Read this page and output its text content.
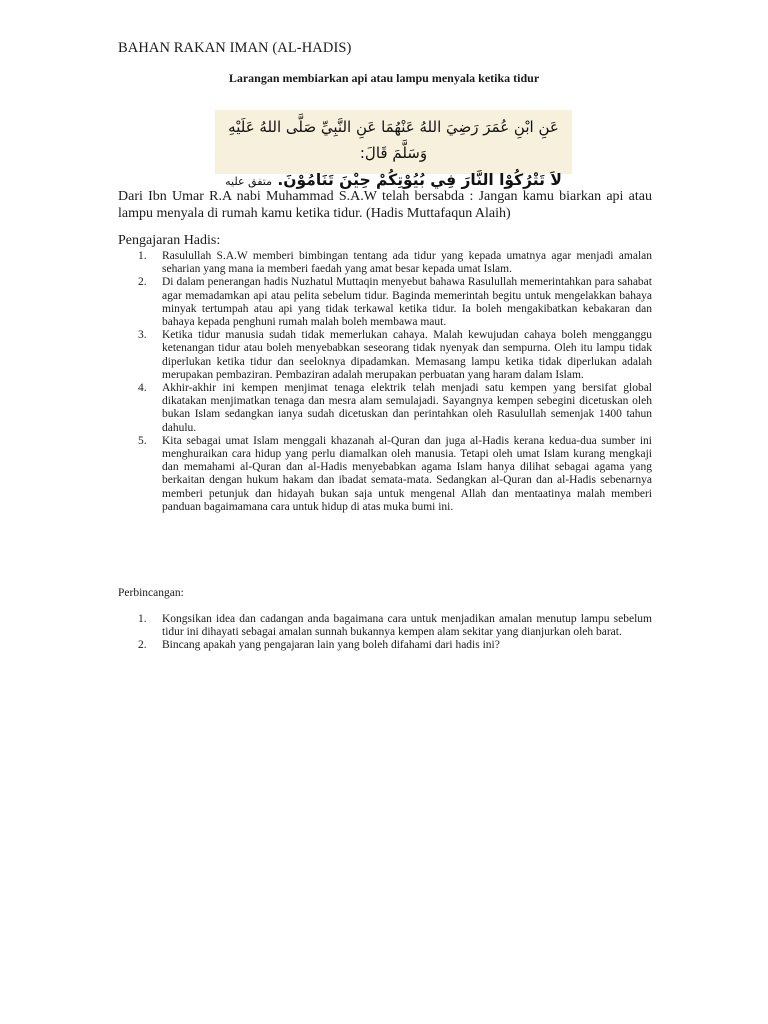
BAHAN RAKAN IMAN (AL-HADIS)
Larangan membiarkan api atau lampu menyala ketika tidur
عَنِ ابْنِ عُمَرَ رَضِيَ اللهُ عَنْهُمَا عَنِ النَّبِيِّ صَلَّى اللهُ عَلَيْهِ وَسَلَّمَ قَالَ:
لاَ تَتْرُكُوْا النَّارَ فِي بُيُوْتِكُمْ حِيْنَ تَنَامُوْنَ. متفق عليه
Dari Ibn Umar R.A nabi Muhammad S.A.W telah bersabda : Jangan kamu biarkan api atau lampu menyala di rumah kamu ketika tidur. (Hadis Muttafaqun Alaih)
Pengajaran Hadis:
1. Rasulullah S.A.W memberi bimbingan tentang ada tidur yang kepada umatnya agar menjadi amalan seharian yang mana ia memberi faedah yang amat besar kepada umat Islam.
2. Di dalam penerangan hadis Nuzhatul Muttaqin menyebut bahawa Rasulullah memerintahkan para sahabat agar memadamkan api atau pelita sebelum tidur. Baginda memerintah begitu untuk mengelakkan bahaya minyak tertumpah atau api yang tidak terkawal ketika tidur. Ia boleh mengakibatkan kebakaran dan bahaya kepada penghuni rumah malah boleh membawa maut.
3. Ketika tidur manusia sudah tidak memerlukan cahaya. Malah kewujudan cahaya boleh mengganggu ketenangan tidur atau boleh menyebabkan seseorang tidak nyenyak dan sempurna. Oleh itu lampu tidak diperlukan ketika tidur dan seeloknya dipadamkan. Memasang lampu ketika tidak diperlukan adalah merupakan pembaziran. Pembaziran adalah merupakan perbuatan yang haram dalam Islam.
4. Akhir-akhir ini kempen menjimat tenaga elektrik telah menjadi satu kempen yang bersifat global dikatakan menjimatkan tenaga dan mesra alam semulajadi. Sayangnya kempen sebegini dicetuskan oleh bukan Islam sedangkan ianya sudah dicetuskan dan perintahkan oleh Rasulullah semenjak 1400 tahun dahulu.
5. Kita sebagai umat Islam menggali khazanah al-Quran dan juga al-Hadis kerana kedua-dua sumber ini menghuraikan cara hidup yang perlu diamalkan oleh manusia. Tetapi oleh umat Islam kurang mengkaji dan memahami al-Quran dan al-Hadis menyebabkan agama Islam hanya dilihat sebagai agama yang berkaitan dengan hukum hakam dan ibadat semata-mata. Sedangkan al-Quran dan al-Hadis sebenarnya memberi petunjuk dan hidayah bukan saja untuk mengenal Allah dan mentaatinya malah memberi panduan bagaimamana cara untuk hidup di atas muka bumi ini.
Perbincangan:
1. Kongsikan idea dan cadangan anda bagaimana cara untuk menjadikan amalan menutup lampu sebelum tidur ini dihayati sebagai amalan sunnah bukannya kempen alam sekitar yang dianjurkan oleh barat.
2. Bincang apakah yang pengajaran lain yang boleh difahami dari hadis ini?
